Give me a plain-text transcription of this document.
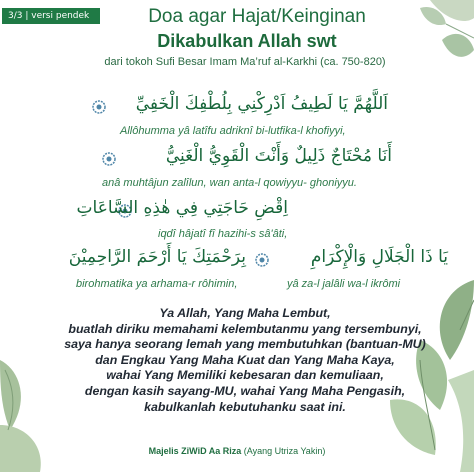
3/3 | versi pendek	Doa agar Hajat/Keinginan
Dikabulkan Allah swt
dari tokoh Sufi Besar Imam Ma’ruf al-Karkhi (ca. 750-820)
اَللَّهُمَّ يَا لَطِيفُ اَدْرِكْنِي بِلُطْفِكَ الْخَفِيِّ
Allôhumma yâ latîfu adriknî bi-lutfika-l khofiyyi,
أَنَا مُحْتَاجٌ ذَلِيلٌ وَأَنْتَ الْقَوِيُّ الْغَنِيُّ
anâ muhtâjun zalîlun, wan anta-l qowiyyu- ghoniyyu.
اِقْضِ حَاجَتِي فِي هٰذِهِ السَّاعَاتِ
iqdî hâjatî fî hazihi-s sâ'âti,
يَا ذَا الْجَلَالِ وَالْإِكْرَامِ
بِرَحْمَتِكَ يَا أَرْحَمَ الرَّاحِمِيْنَ
birohmatika ya arhama-r rôhimin,	yâ za-l jalâli wa-l ikrômi
Ya Allah, Yang Maha Lembut,
buatlah diriku memahami kelembutanmu yang tersembunyi,
saya hanya seorang lemah yang membutuhkan (bantuan-MU)
dan Engkau Yang Maha Kuat dan Yang Maha Kaya,
wahai Yang Memiliki kebesaran dan kemuliaan,
dengan kasih sayang-MU, wahai Yang Maha Pengasih,
kabulkanlah kebutuhanku saat ini.
Majelis ZiWiD Aa Riza (Ayang Utriza Yakin)
